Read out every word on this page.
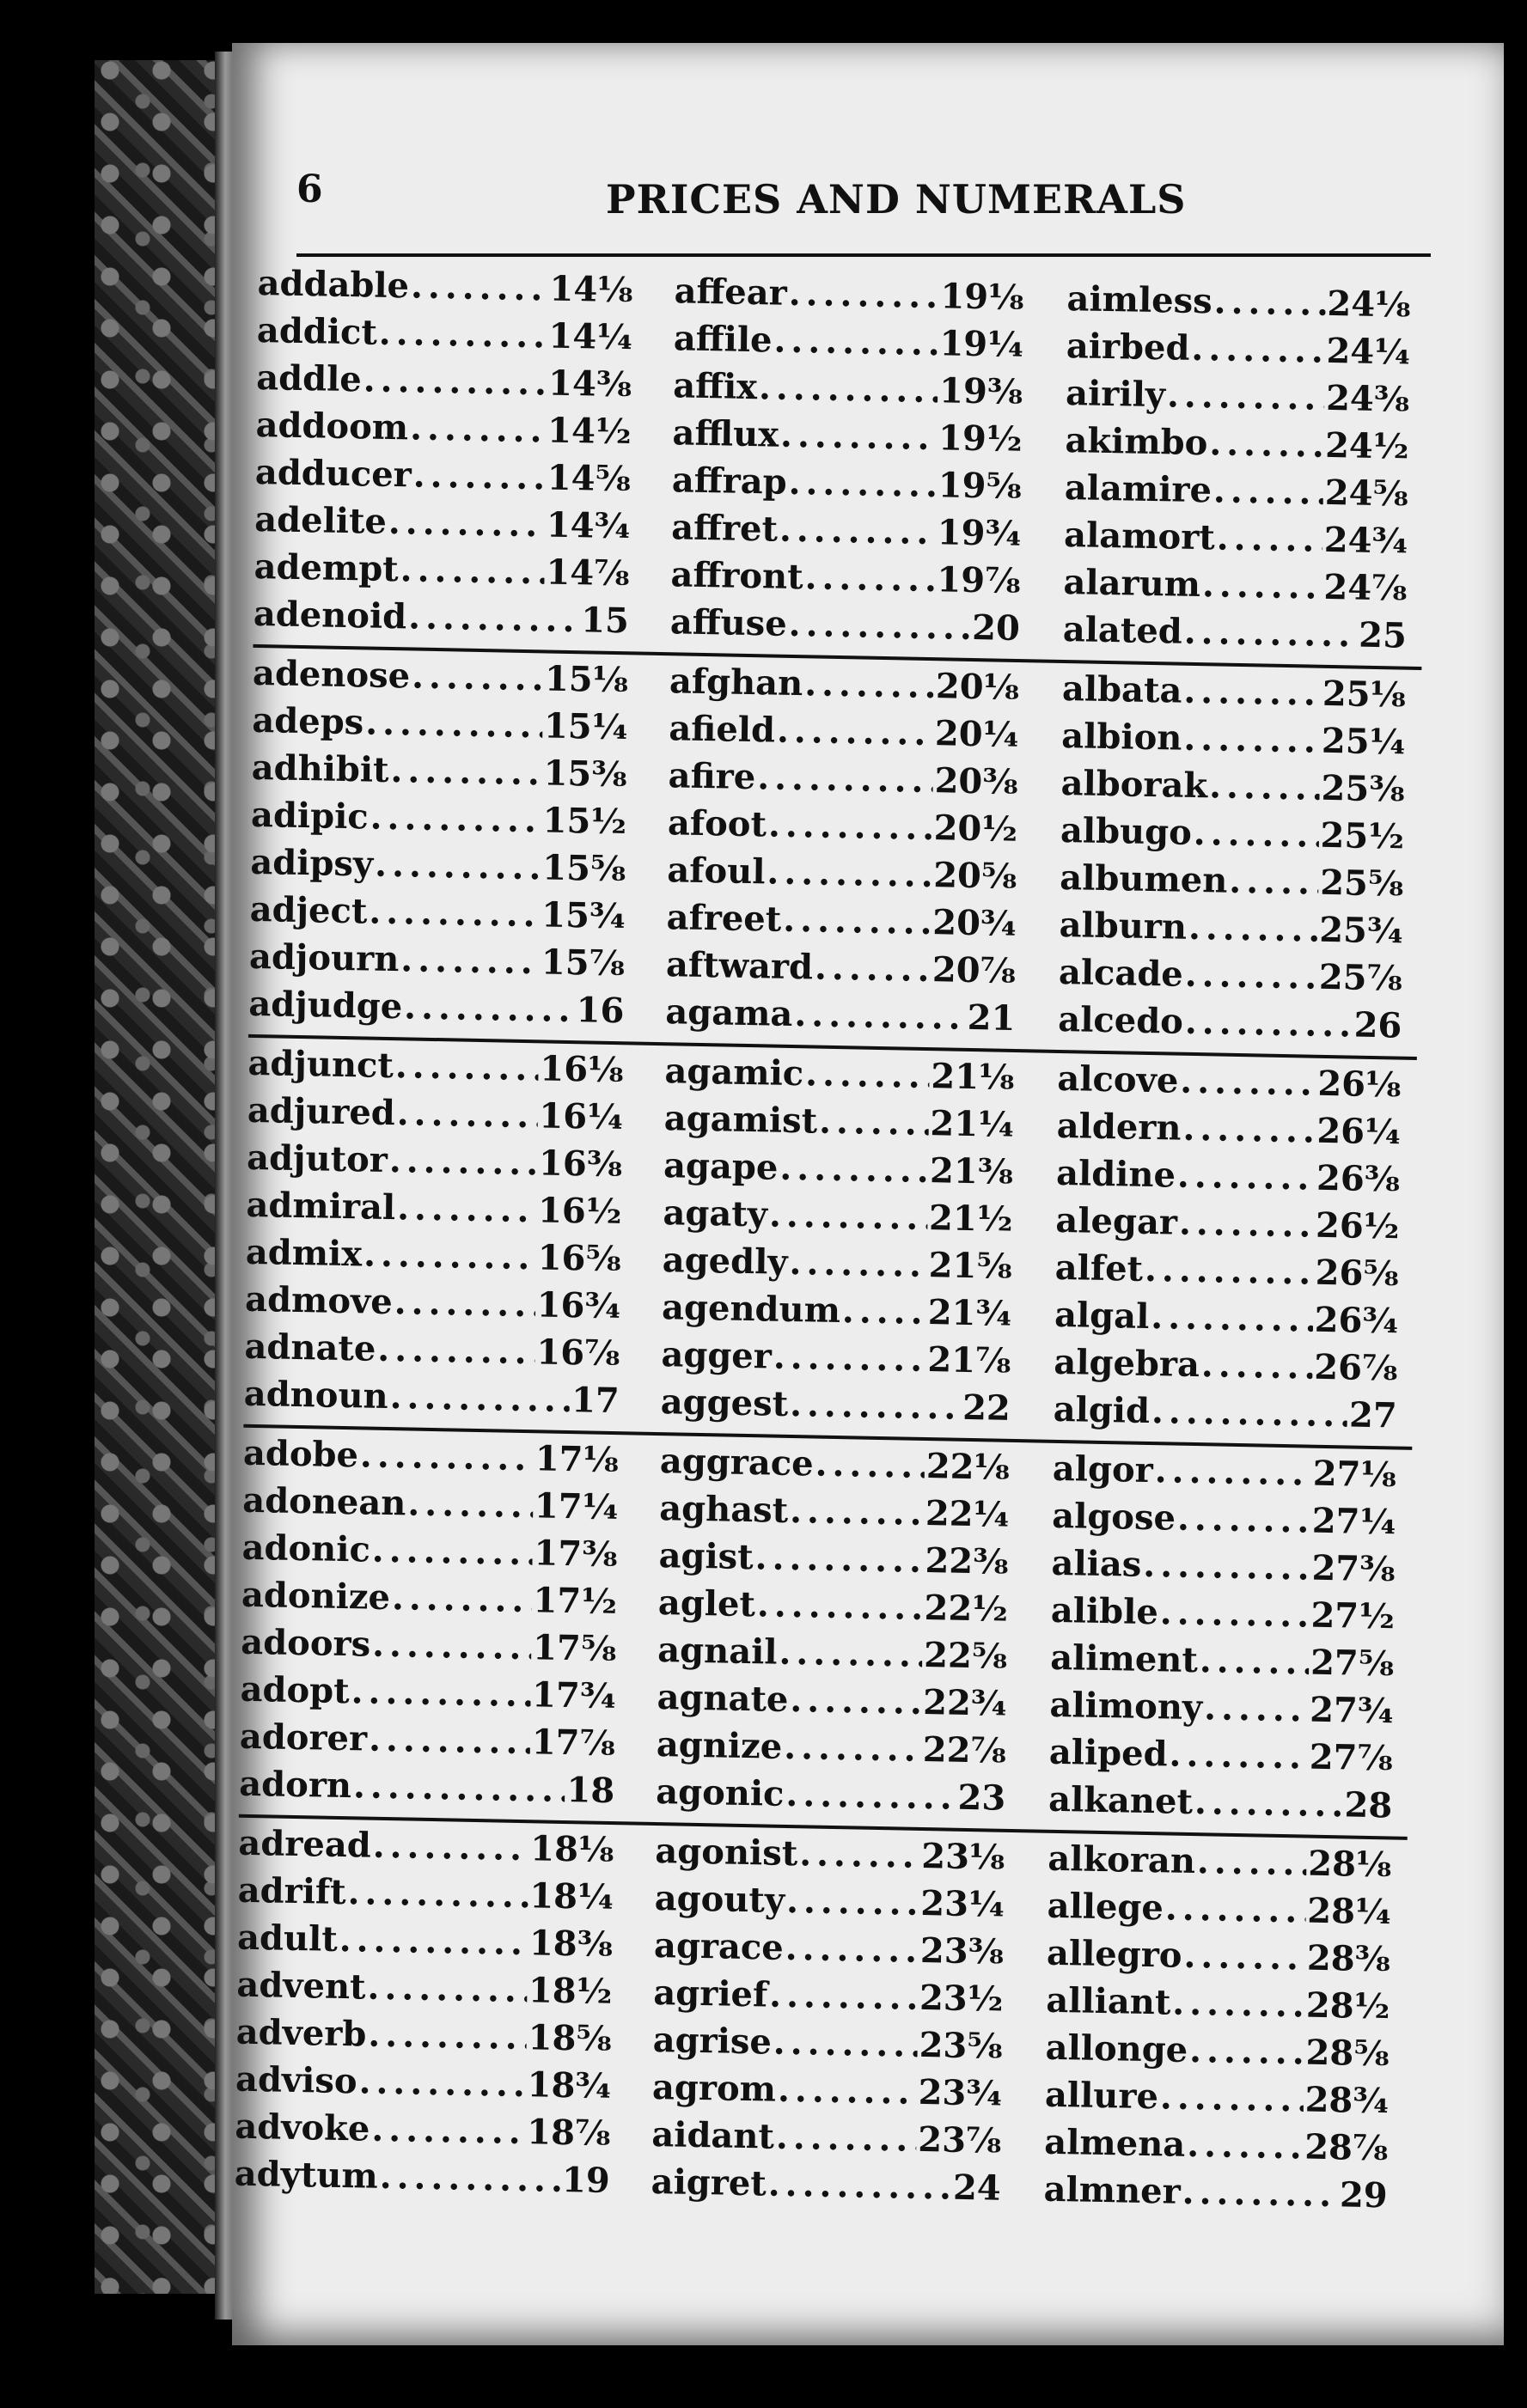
6	PRICES AND NUMERALS
addable .....	14⅛
addict .....	14¼
addle .....	14⅜
addoom .....	14½
adducer .....	14⅝
adelite .....	14¾
adempt .....	14⅞
adenoid .....	15
affear .....	19⅛
affile .....	19¼
affix .....	19⅜
afflux .....	19½
affrap .....	19⅝
affret .....	19¾
affront .....	19⅞
affuse .....	20
aimless .....	24⅛
airbed .....	24¼
airily .....	24⅜
akimbo .....	24½
alamire .....	24⅝
alamort .....	24¾
alarum .....	24⅞
alated .....	25
adenose .....	15⅛
adeps .....	15¼
adhibit .....	15⅜
adipic .....	15½
adipsy .....	15⅝
adject .....	15¾
adjourn .....	15⅞
adjudge .....	16
afghan .....	20⅛
afield .....	20¼
afire .....	20⅜
afoot .....	20½
afoul .....	20⅝
afreet .....	20¾
aftward .....	20⅞
agama .....	21
albata .....	25⅛
albion .....	25¼
alborak .....	25⅜
albugo .....	25½
albumen .....	25⅝
alburn .....	25¾
alcade .....	25⅞
alcedo .....	26
adjunct .....	16⅛
adjured .....	16¼
adjutor .....	16⅜
admiral .....	16½
admix .....	16⅝
admove .....	16¾
adnate .....	16⅞
adnoun .....	17
agamic .....	21⅛
agamist .....	21¼
agape .....	21⅜
agaty .....	21½
agedly .....	21⅝
agendum .....	21¾
agger .....	21⅞
aggest .....	22
alcove .....	26⅛
aldern .....	26¼
aldine .....	26⅜
alegar .....	26½
alfet .....	26⅝
algal .....	26¾
algebra .....	26⅞
algid .....	27
adobe .....	17⅛
adonean .....	17¼
adonic .....	17⅜
adonize .....	17½
adoors .....	17⅝
adopt .....	17¾
adorer .....	17⅞
adorn .....	18
aggrace .....	22⅛
aghast .....	22¼
agist .....	22⅜
aglet .....	22½
agnail .....	22⅝
agnate .....	22¾
agnize .....	22⅞
agonic .....	23
algor .....	27⅛
algose .....	27¼
alias .....	27⅜
alible .....	27½
aliment .....	27⅝
alimony .....	27¾
aliped .....	27⅞
alkanet .....	28
adread .....	18⅛
adrift .....	18¼
adult .....	18⅜
advent .....	18½
adverb .....	18⅝
adviso .....	18¾
advoke .....	18⅞
adytum .....	19
agonist .....	23⅛
agouty .....	23¼
agrace .....	23⅜
agrief .....	23½
agrise .....	23⅝
agrom .....	23¾
aidant .....	23⅞
aigret .....	24
alkoran .....	28⅛
allege .....	28¼
allegro .....	28⅜
alliant .....	28½
allonge .....	28⅝
allure .....	28¾
almena .....	28⅞
almner .....	29
